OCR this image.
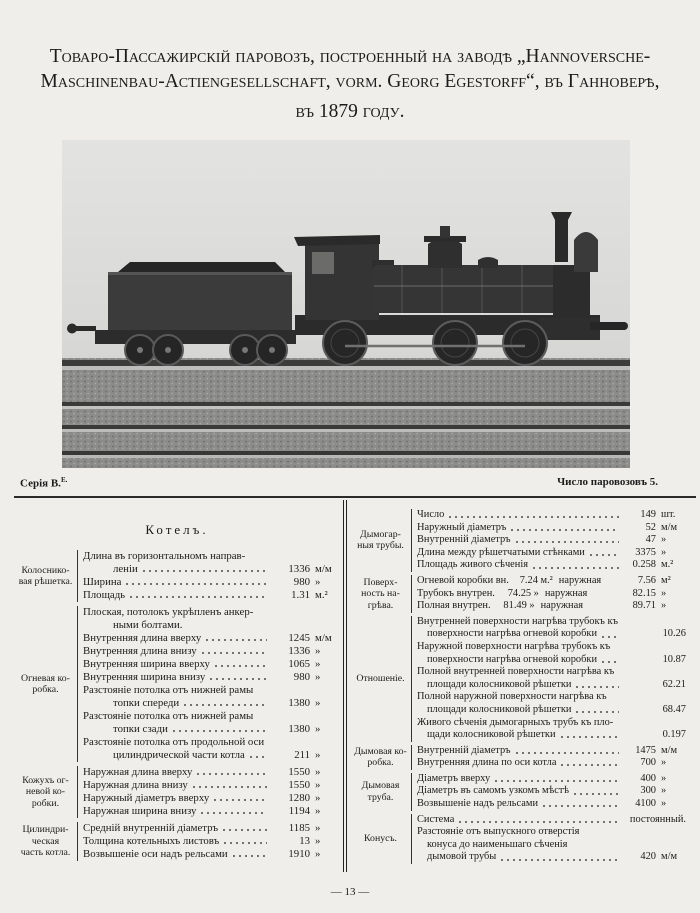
Товаро-Пассажирскій паровозъ, построенный на заводѣ „Hannoversche-
Maschinenbau-Actiengesellschaft, vorm. Georg Egestorff“, въ Ганноверѣ,
въ 1879 году.
Серія В.$^{Е.}$	Число паровозовъ 5.
Котелъ.
Колоснико-
вая рѣшетка.
Длина въ горизонтальномъ направ-
леніи	1336 м/м
Ширина	980 »
Площадь	1.31 м.²
Огневая ко-
робка.
Плоская, потолокъ укрѣпленъ анкер-
ными болтами.
Внутренняя длина вверху	1245 м/м
Внутренняя длина внизу	1336 »
Внутренняя ширина вверху	1065 »
Внутренняя ширина внизу	980 »
Разстояніе потолка отъ нижней рамы
топки спереди	1380 »
Разстояніе потолка отъ нижней рамы
топки сзади	1380 »
Разстояніе потолка отъ продольной оси
цилиндрической части котла	211 »
Кожухъ ог-
невой ко-
робки.
Наружная длина вверху	1550 »
Наружная длина внизу	1550 »
Наружный діаметръ вверху	1280 »
Наружная ширина внизу	1194 »
Цилиндри-
ческая
часть котла.
Средній внутренній діаметръ	1185 »
Толщина котельныхъ листовъ	13 »
Возвышеніе оси надъ рельсами	1910 »
Дымогар-
ныя трубы.
Число	149 шт.
Наружный діаметръ	52 м/м
Внутренній діаметръ	47 »
Длина между рѣшетчатыми стѣнками	3375 »
Площадь живого сѣченія	0.258 м.²
Поверх-
ность на-
грѣва.
Огневой коробки вн.	7.24 м.² наружная	7.56 м²
Трубокъ внутрен.	74.25 » наружная	82.15 »
Полная внутрен.	81.49 » наружная	89.71 »
Отношеніе.
Внутренней поверхности нагрѣва трубокъ къ
поверхности нагрѣва огневой коробки	10.26
Наружной поверхности нагрѣва трубокъ къ
поверхности нагрѣва огневой коробки	10.87
Полной внутренней поверхности нагрѣва къ
площади колосниковой рѣшетки	62.21
Полной наружной поверхности нагрѣва къ
площади колосниковой рѣшетки	68.47
Живого сѣченія дымогарныхъ трубъ къ пло-
щади колосниковой рѣшетки	0.197
Дымовая ко-
робка.
Внутренній діаметръ	1475 м/м
Внутренняя длина по оси котла	700 »
Дымовая
труба.
Діаметръ вверху	400 »
Діаметръ въ самомъ узкомъ мѣстѣ	300 »
Возвышеніе надъ рельсами	4100 »
Конусъ.
Система	постоянный.
Разстояніе отъ выпускного отверстія
конуса до наименьшаго сѣченія
дымовой трубы	420 м/м
— 13 —
